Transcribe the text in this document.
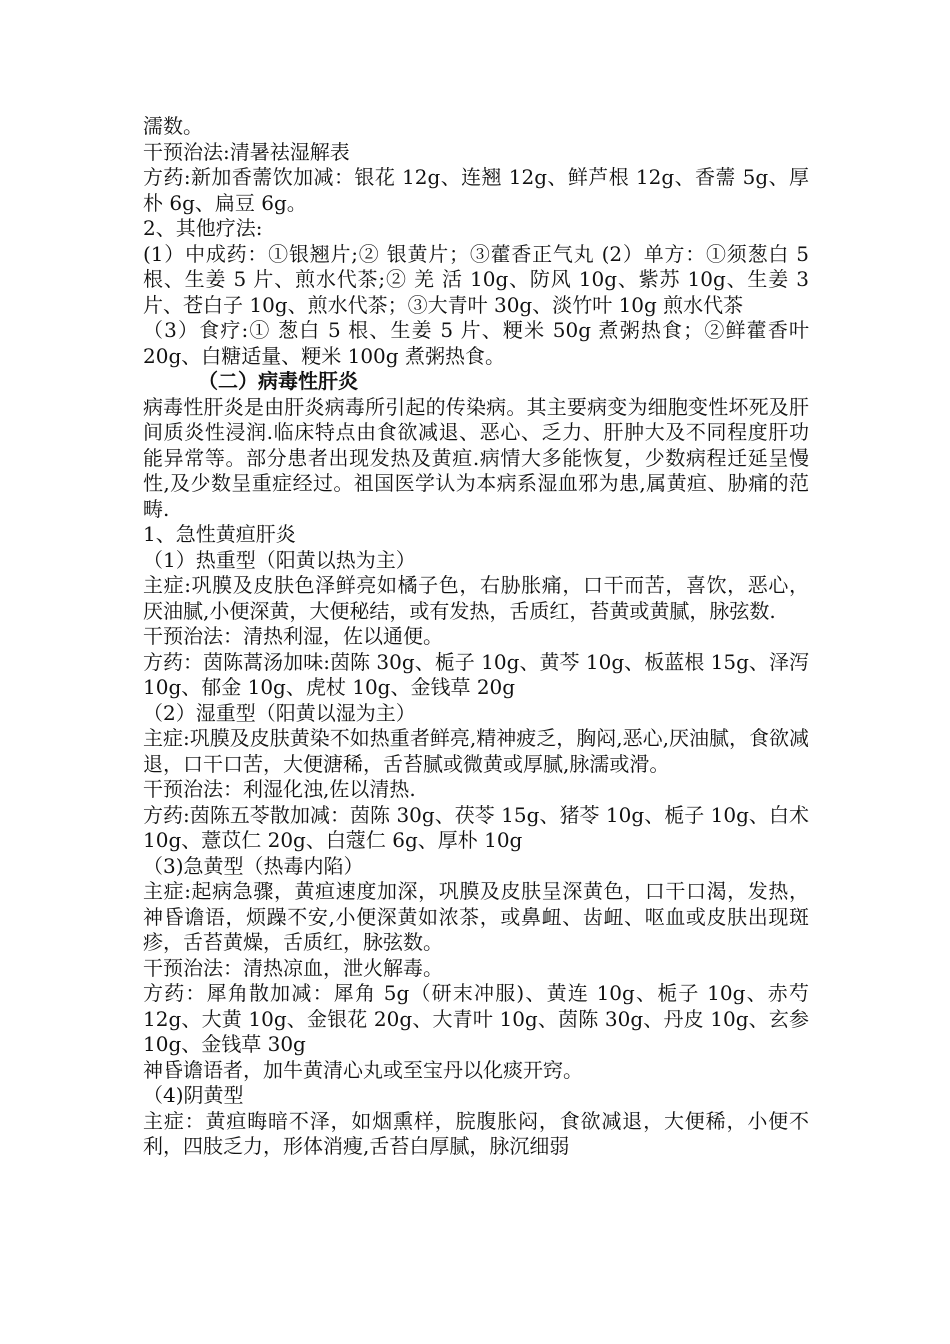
濡数。

干预治法:清暑祛湿解表

方药:新加香薷饮加减：银花 12g、连翘 12g、鲜芦根 12g、香薷 5g、厚朴 6g、扁豆 6g。

2、其他疗法:

(1）中成药：①银翘片;② 银黄片；③藿香正气丸 (2）单方：①须葱白 5 根、生姜 5 片、煎水代茶;② 羌 活 10g、防风 10g、紫苏 10g、生姜 3 片、苍白子 10g、煎水代茶；③大青叶 30g、淡竹叶 10g 煎水代茶

（3）食疗:① 葱白 5 根、生姜 5 片、粳米 50g 煮粥热食；②鲜藿香叶 20g、白糖适量、粳米 100g 煮粥热食。

（二）病毒性肝炎

病毒性肝炎是由肝炎病毒所引起的传染病。其主要病变为细胞变性坏死及肝间质炎性浸润.临床特点由食欲减退、恶心、乏力、肝肿大及不同程度肝功能异常等。部分患者出现发热及黄疸.病情大多能恢复，少数病程迁延呈慢性,及少数呈重症经过。祖国医学认为本病系湿血邪为患,属黄疸、胁痛的范畴.

1、急性黄疸肝炎

（1）热重型（阳黄以热为主）

主症:巩膜及皮肤色泽鲜亮如橘子色，右胁胀痛，口干而苦，喜饮，恶心，厌油腻,小便深黄，大便秘结，或有发热，舌质红，苔黄或黄腻，脉弦数.

干预治法：清热利湿，佐以通便。

方药：茵陈蒿汤加味:茵陈 30g、栀子 10g、黄芩 10g、板蓝根 15g、泽泻 10g、郁金 10g、虎杖 10g、金钱草 20g

（2）湿重型（阳黄以湿为主）

主症:巩膜及皮肤黄染不如热重者鲜亮,精神疲乏，胸闷,恶心,厌油腻，食欲减退，口干口苦，大便溏稀，舌苔腻或微黄或厚腻,脉濡或滑。

干预治法：利湿化浊,佐以清热.

方药:茵陈五苓散加减：茵陈 30g、茯苓 15g、猪苓 10g、栀子 10g、白术 10g、薏苡仁 20g、白蔻仁 6g、厚朴 10g

（3)急黄型（热毒内陷）

主症:起病急骤，黄疸速度加深，巩膜及皮肤呈深黄色，口干口渴，发热，神昏谵语，烦躁不安,小便深黄如浓茶，或鼻衄、齿衄、呕血或皮肤出现斑疹，舌苔黄燥，舌质红，脉弦数。

干预治法：清热凉血，泄火解毒。

方药：犀角散加减：犀角 5g（研末冲服)、黄连 10g、栀子 10g、赤芍 12g、大黄 10g、金银花 20g、大青叶 10g、茵陈 30g、丹皮 10g、玄参 10g、金钱草 30g

神昏谵语者，加牛黄清心丸或至宝丹以化痰开窍。

（4)阴黄型

主症：黄疸晦暗不泽，如烟熏样，脘腹胀闷，食欲减退，大便稀，小便不利，四肢乏力，形体消瘦,舌苔白厚腻，脉沉细弱
